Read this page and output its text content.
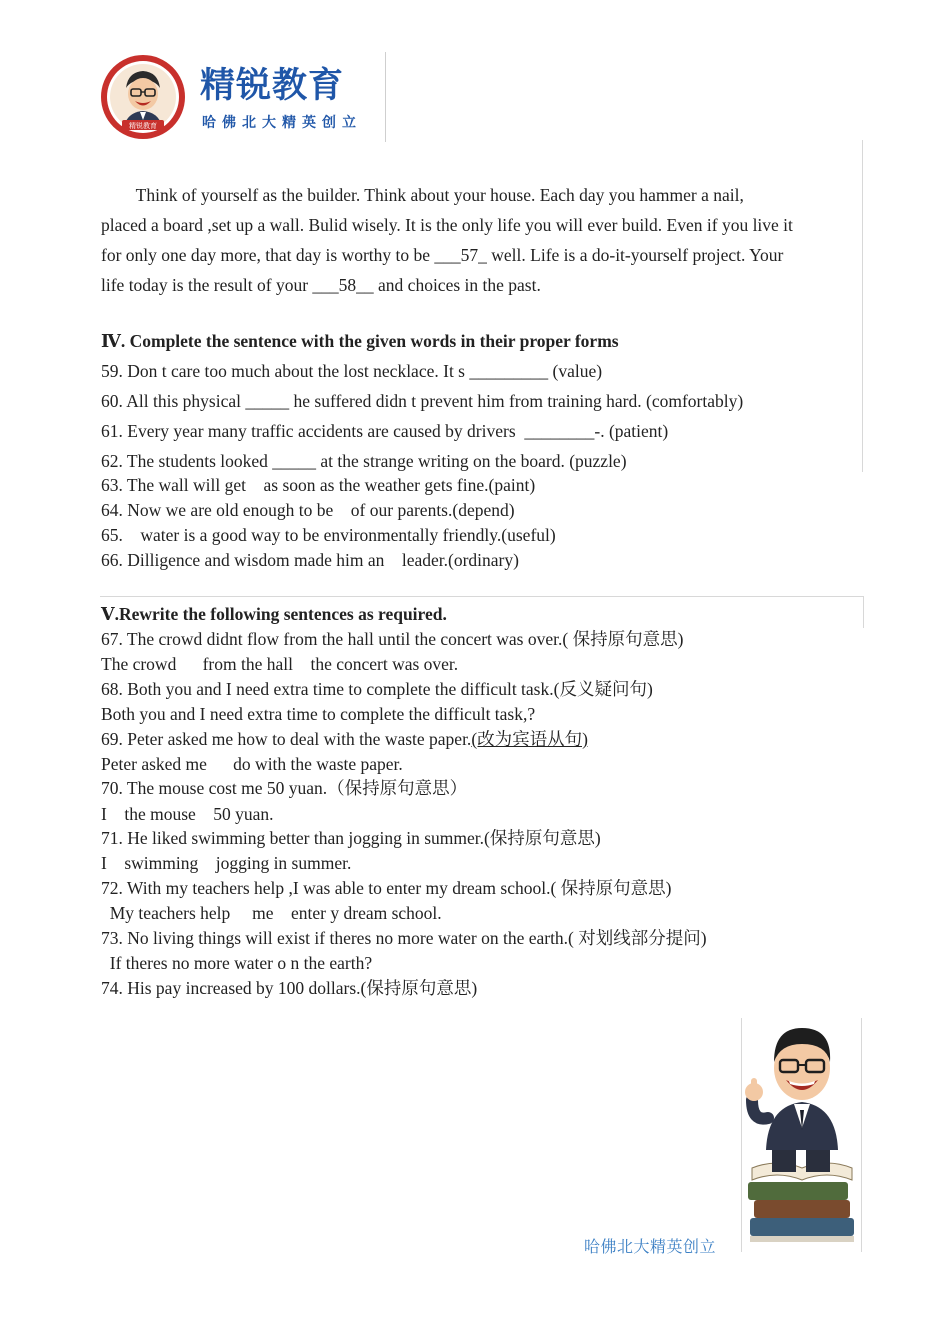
精锐教育
精锐教育
哈佛北大精英创立

Think of yourself as the builder. Think about your house. Each day you hammer a nail,

placed a board ,set up a wall. Bulid wisely. It is the only life you will ever build. Even if you live it

for only one day more, that day is worthy to be ___57_ well. Life is a do-it-yourself project. Your

life today is the result of your ___58__ and choices in the past.

Ⅳ. Complete the sentence with the given words in their proper forms
59. Don t care too much about the lost necklace. It s _________ (value)
60. All this physical _____ he suffered didn t prevent him from training hard. (comfortably)
61. Every year many traffic accidents are caused by drivers  ________-. (patient)
62. The students looked _____ at the strange writing on the board. (puzzle)
63. The wall will get    as soon as the weather gets fine.(paint)
64. Now we are old enough to be    of our parents.(depend)
65.    water is a good way to be environmentally friendly.(useful)
66. Dilligence and wisdom made him an    leader.(ordinary)
Ⅴ.Rewrite the following sentences as required.
67. The crowd didnt flow from the hall until the concert was over.( 保持原句意思)
The crowd      from the hall    the concert was over.
68. Both you and I need extra time to complete the difficult task.(反义疑问句)
Both you and I need extra time to complete the difficult task,?
69. Peter asked me how to deal with the waste paper.(改为宾语从句)
Peter asked me      do with the waste paper.
70. The mouse cost me 50 yuan.（保持原句意思）
I    the mouse    50 yuan.
71. He liked swimming better than jogging in summer.(保持原句意思)
I    swimming    jogging in summer.
72. With my teachers help ,I was able to enter my dream school.( 保持原句意思)
My teachers help     me    enter y dream school.
73. No living things will exist if theres no more water on the earth.( 对划线部分提问)
If theres no more water o n the earth?
74. His pay increased by 100 dollars.(保持原句意思)
哈佛北大精英创立
